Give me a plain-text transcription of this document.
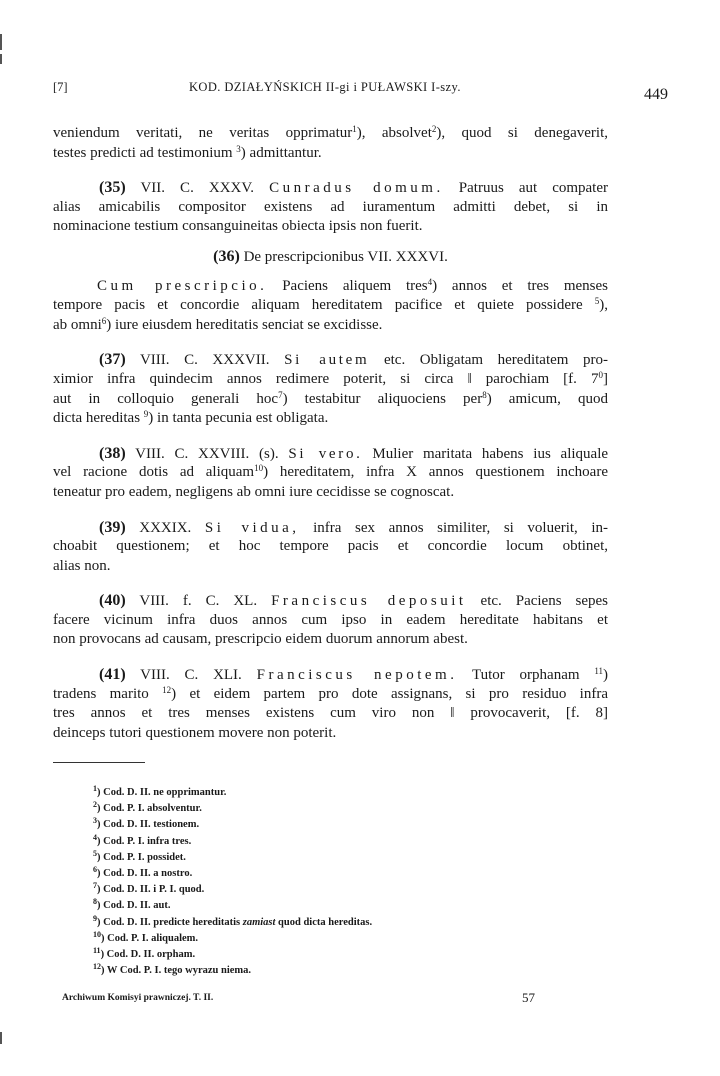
[7]	KOD. DZIAŁYŃSKICH II-gi i PUŁAWSKI I-szy.	449
veniendum veritati, ne veritas opprimatur$^1$), absolvet$^2$), quod si denegaverit,
testes predicti ad testimonium $^3$) admittantur.
(35) VII. C. XXXV. Cunradus domum. Patruus aut compater
alias amicabilis compositor existens ad iuramentum admitti debet, si in
nominacione testium consanguineitas obiecta ipsis non fuerit.
(36) De prescripcionibus VII. XXXVI.
Cum prescripcio. Paciens aliquem tres$^4$) annos et tres menses
tempore pacis et concordie aliquam hereditatem pacifice et quiete possidere $^5$),
ab omni$^6$) iure eiusdem hereditatis senciat se excidisse.
(37) VIII. C. XXXVII. Si autem etc. Obligatam hereditatem pro-
ximior infra quindecim annos redimere poterit, si circa ‖ parochiam [f. $7^0$]
aut in colloquio generali hoc$^7$) testabitur aliquociens per$^8$) amicum, quod
dicta hereditas $^9$) in tanta pecunia est obligata.
(38) VIII. C. XXVIII. (s). Si vero. Mulier maritata habens ius aliquale
vel racione dotis ad aliquam$^{10}$) hereditatem, infra X annos questionem inchoare
teneatur pro eadem, negligens ab omni iure cecidisse se cognoscat.
(39) XXXIX. Si vidua, infra sex annos similiter, si voluerit, in-
choabit questionem; et hoc tempore pacis et concordie locum obtinet,
alias non.
(40) VIII. f. C. XL. Franciscus deposuit etc. Paciens sepes
facere vicinum infra duos annos cum ipso in eadem hereditate habitans et
non provocans ad causam, prescripcio eidem duorum annorum abest.
(41) VIII. C. XLI. Franciscus nepotem. Tutor orphanam $^{11}$)
tradens marito $^{12}$) et eidem partem pro dote assignans, si pro residuo infra
tres annos et tres menses existens cum viro non ‖ provocaverit, [f. 8]
deinceps tutori questionem movere non poterit.
$^1$) Cod. D. II. ne opprimantur.
$^2$) Cod. P. I. absolventur.
$^3$) Cod. D. II. testionem.
$^4$) Cod. P. I. infra tres.
$^5$) Cod. P. I. possidet.
$^6$) Cod. D. II. a nostro.
$^7$) Cod. D. II. i P. I. quod.
$^8$) Cod. D. II. aut.
$^9$) Cod. D. II. predicte hereditatis zamiast quod dicta hereditas.
$^{10}$) Cod. P. I. aliqualem.
$^{11}$) Cod. D. II. orpham.
$^{12}$) W Cod. P. I. tego wyrazu niema.
Archiwum Komisyi prawniczej. T. II.	57
